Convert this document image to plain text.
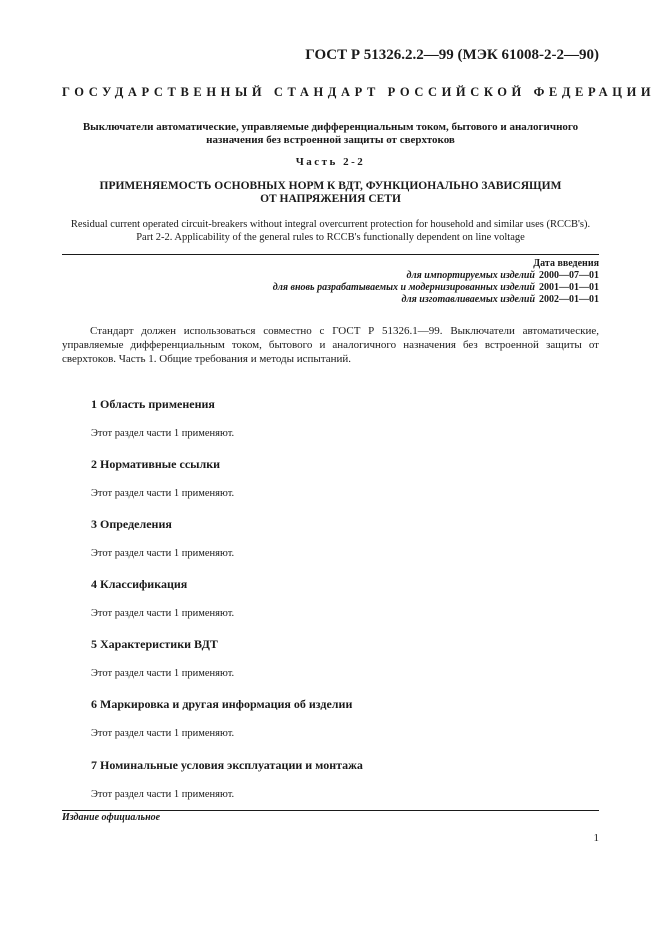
ГОСТ Р 51326.2.2—99 (МЭК 61008-2-2—90)
ГОСУДАРСТВЕННЫЙ СТАНДАРТ РОССИЙСКОЙ ФЕДЕРАЦИИ
Выключатели автоматические, управляемые дифференциальным током, бытового и аналогичного
назначения без встроенной защиты от сверхтоков
Часть 2-2
ПРИМЕНЯЕМОСТЬ ОСНОВНЫХ НОРМ К ВДТ, ФУНКЦИОНАЛЬНО ЗАВИСЯЩИМ
ОТ НАПРЯЖЕНИЯ СЕТИ
Residual current operated circuit-breakers without integral overcurrent protection for household and similar uses (RCCB's).
Part 2-2. Applicability of the general rules to RCCB's functionally dependent on line voltage
Дата введения
для импортируемых изделий 2000—07—01
для вновь разрабатываемых и модернизированных изделий 2001—01—01
для изготавливаемых изделий 2002—01—01
Стандарт должен использоваться совместно с ГОСТ Р 51326.1—99. Выключатели автоматические, управляемые дифференциальным током, бытового и аналогичного назначения без встроенной защиты от сверхтоков. Часть 1. Общие требования и методы испытаний.
1 Область применения
Этот раздел части 1 применяют.
2 Нормативные ссылки
Этот раздел части 1 применяют.
3 Определения
Этот раздел части 1 применяют.
4 Классификация
Этот раздел части 1 применяют.
5 Характеристики ВДТ
Этот раздел части 1 применяют.
6 Маркировка и другая информация об изделии
Этот раздел части 1 применяют.
7 Номинальные условия эксплуатации и монтажа
Этот раздел части 1 применяют.
Издание официальное
1
